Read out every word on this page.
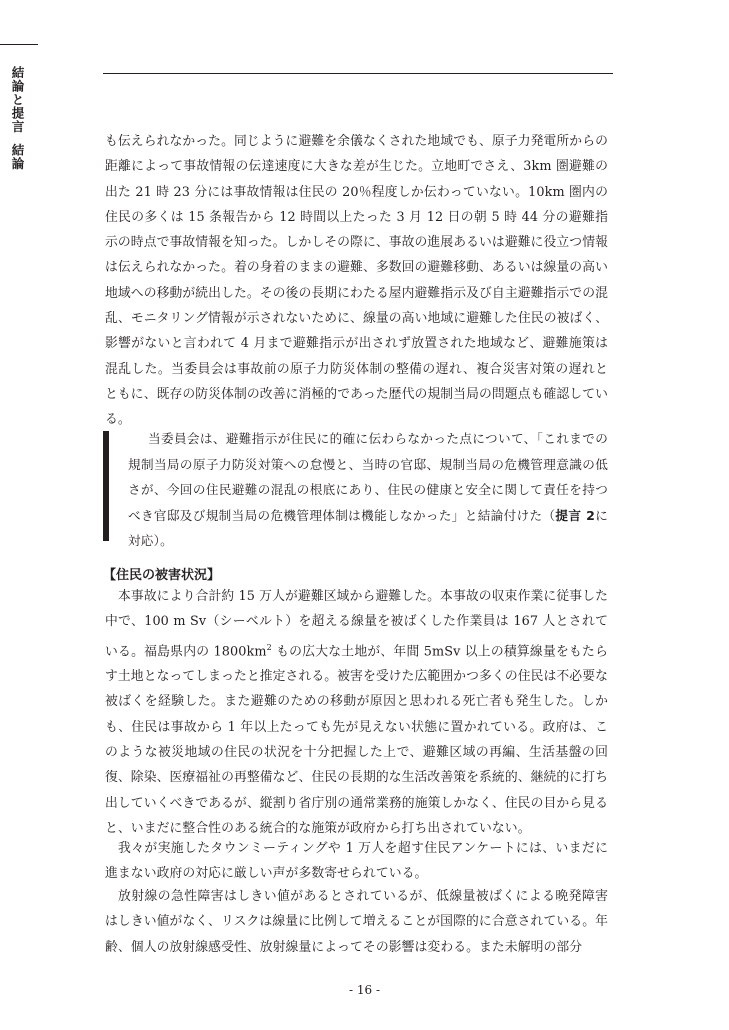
結論と提言結論

も伝えられなかった。同じように避難を余儀なくされた地域でも、原子力発電所からの距離によって事故情報の伝達速度に大きな差が生じた。立地町でさえ、3km 圏避難の出た 21 時 23 分には事故情報は住民の 20％程度しか伝わっていない。10km 圏内の住民の多くは 15 条報告から 12 時間以上たった 3 月 12 日の朝 5 時 44 分の避難指示の時点で事故情報を知った。しかしその際に、事故の進展あるいは避難に役立つ情報は伝えられなかった。着の身着のままの避難、多数回の避難移動、あるいは線量の高い地域への移動が続出した。その後の長期にわたる屋内避難指示及び自主避難指示での混乱、モニタリング情報が示されないために、線量の高い地域に避難した住民の被ばく、影響がないと言われて 4 月まで避難指示が出されず放置された地域など、避難施策は混乱した。当委員会は事故前の原子力防災体制の整備の遅れ、複合災害対策の遅れとともに、既存の防災体制の改善に消極的であった歴代の規制当局の問題点も確認している。

当委員会は、避難指示が住民に的確に伝わらなかった点について、「これまでの規制当局の原子力防災対策への怠慢と、当時の官邸、規制当局の危機管理意識の低さが、今回の住民避難の混乱の根底にあり、住民の健康と安全に関して責任を持つべき官邸及び規制当局の危機管理体制は機能しなかった」と結論付けた（提言 2に対応）。

【住民の被害状況】

本事故により合計約 15 万人が避難区域から避難した。本事故の収束作業に従事した中で、100 m Sv（シーベルト）を超える線量を被ばくした作業員は 167 人とされている。福島県内の $1800km^2$ もの広大な土地が、年間 5mSv 以上の積算線量をもたらす土地となってしまったと推定される。被害を受けた広範囲かつ多くの住民は不必要な被ばくを経験した。また避難のための移動が原因と思われる死亡者も発生した。しかも、住民は事故から 1 年以上たっても先が見えない状態に置かれている。政府は、このような被災地域の住民の状況を十分把握した上で、避難区域の再編、生活基盤の回復、除染、医療福祉の再整備など、住民の長期的な生活改善策を系統的、継続的に打ち出していくべきであるが、縦割り省庁別の通常業務的施策しかなく、住民の目から見ると、いまだに整合性のある統合的な施策が政府から打ち出されていない。

我々が実施したタウンミーティングや 1 万人を超す住民アンケートには、いまだに進まない政府の対応に厳しい声が多数寄せられている。

放射線の急性障害はしきい値があるとされているが、低線量被ばくによる晩発障害はしきい値がなく、リスクは線量に比例して増えることが国際的に合意されている。年齢、個人の放射線感受性、放射線量によってその影響は変わる。また未解明の部分

- 16 -
